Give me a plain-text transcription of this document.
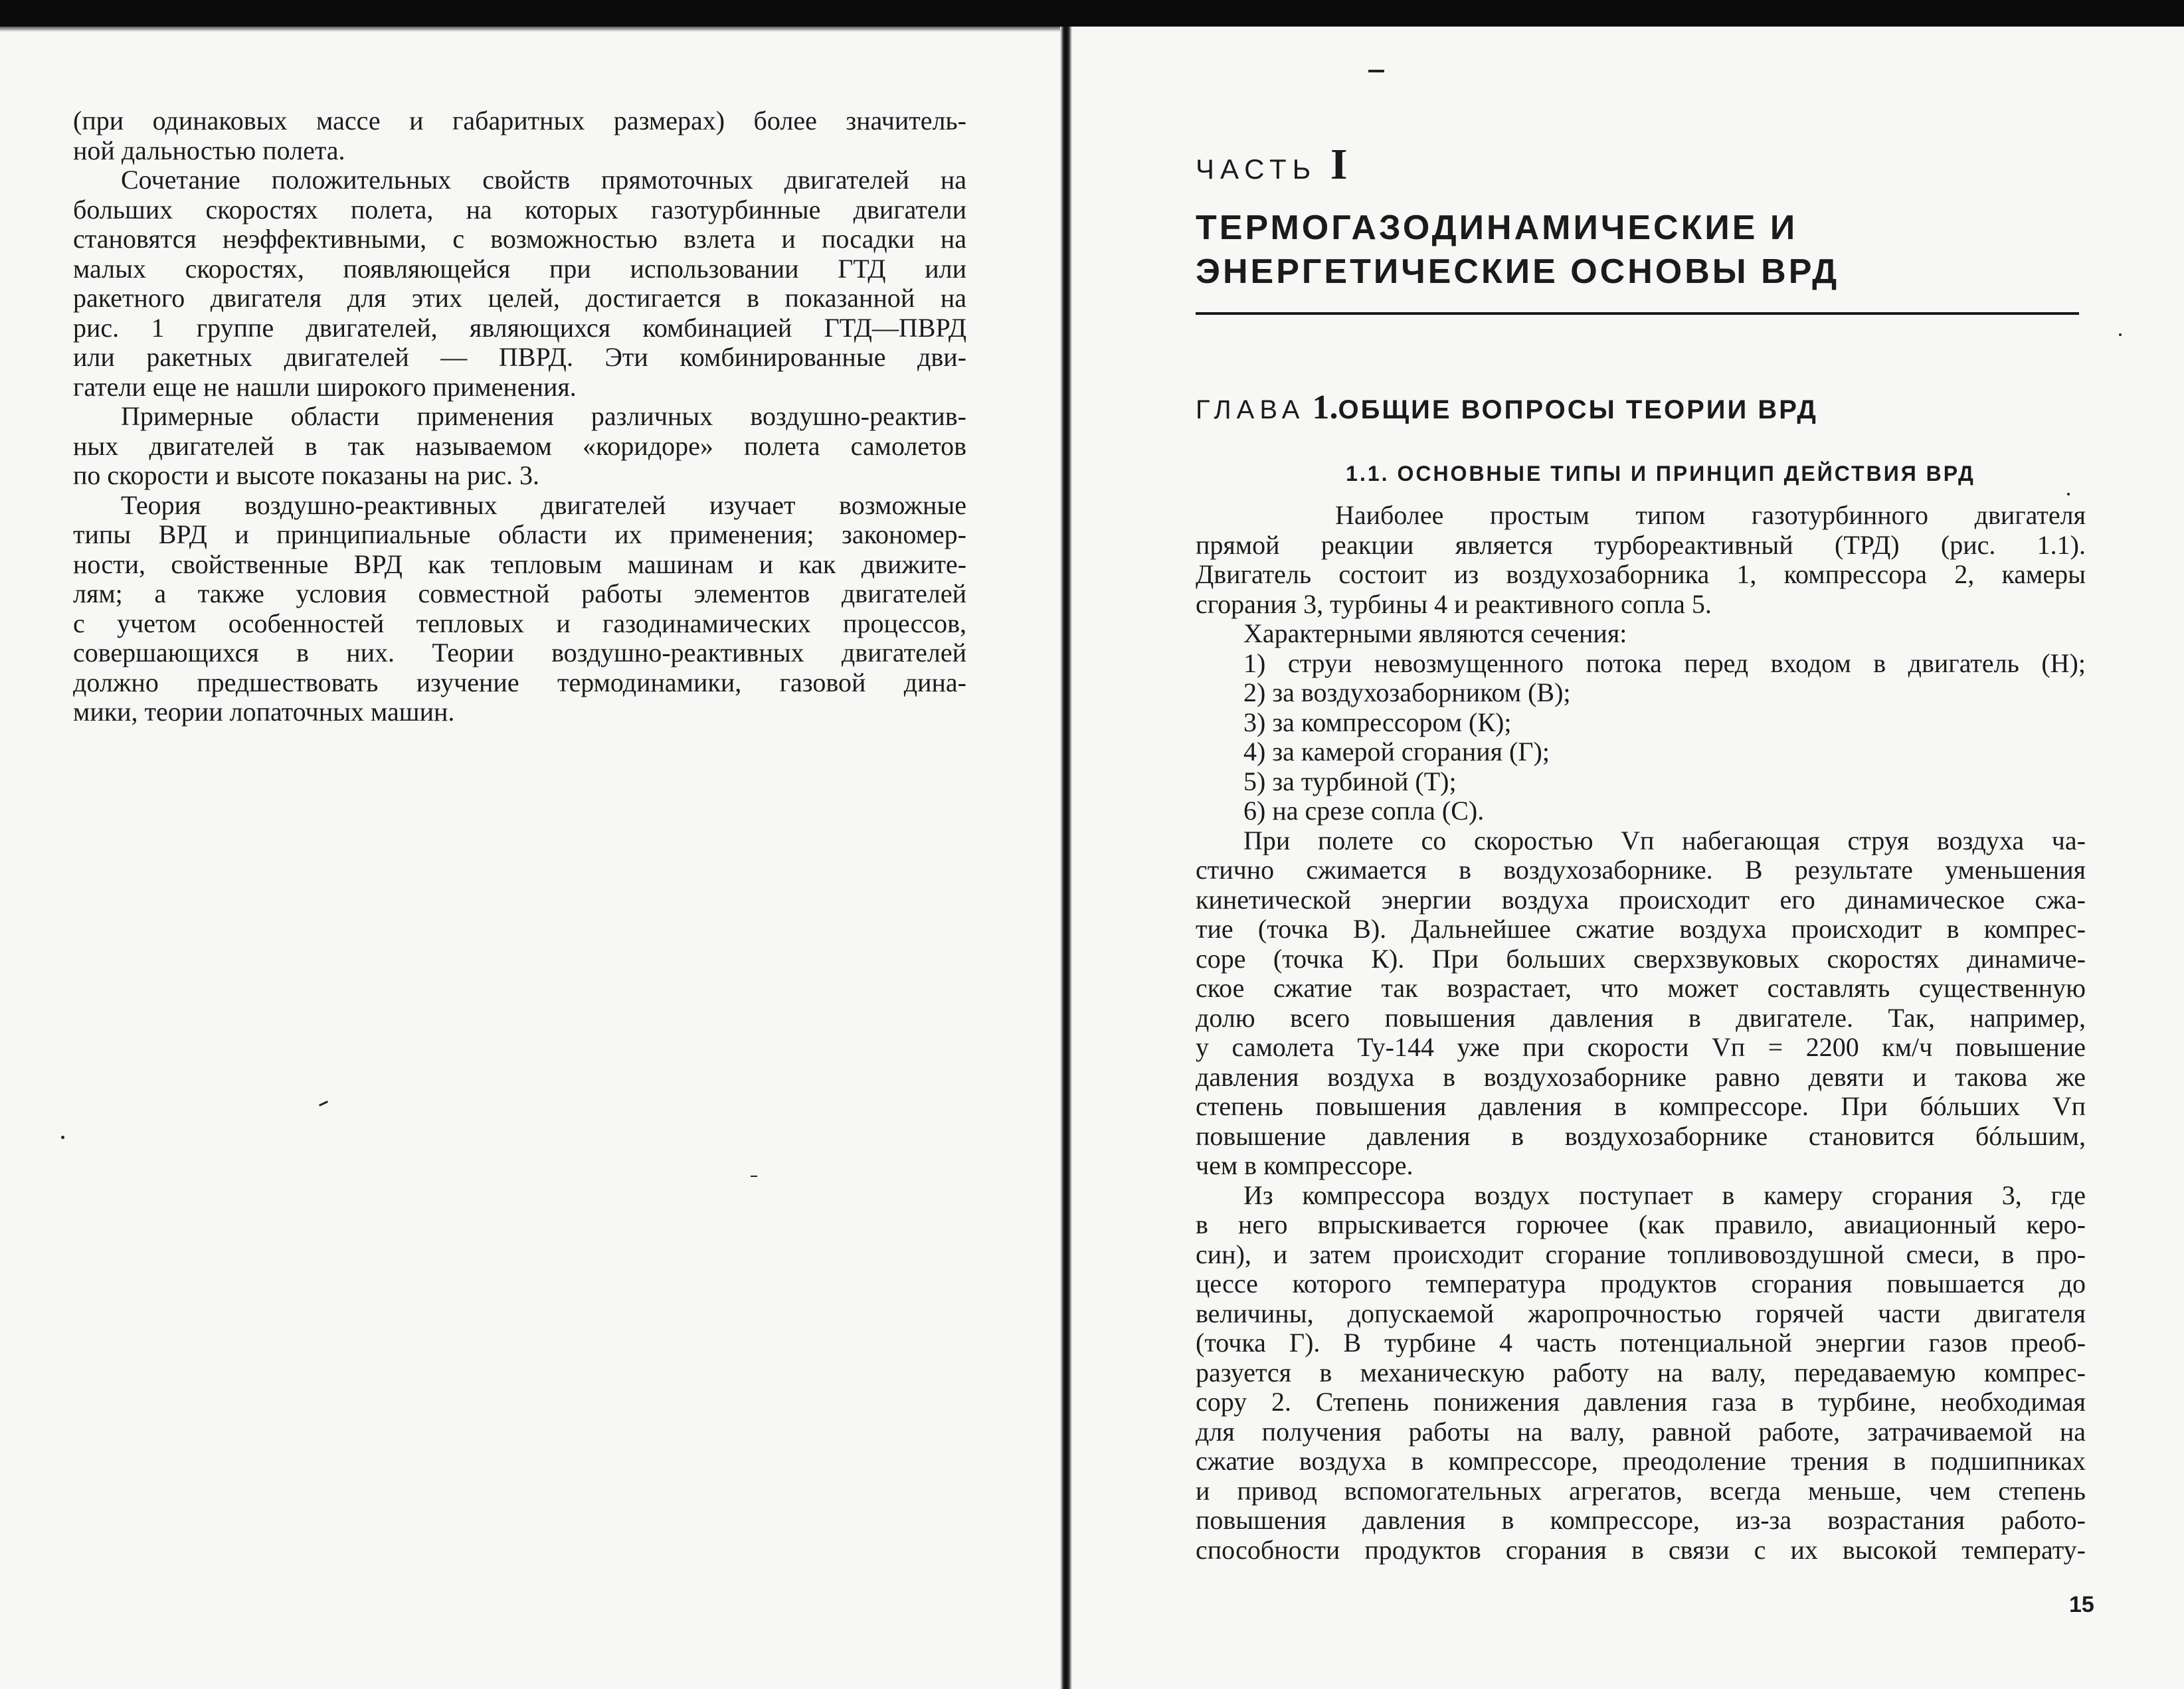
(при одинаковых массе и габаритных размерах) более значитель-
ной дальностью полета.
Сочетание положительных свойств прямоточных двигателей на
больших скоростях полета, на которых газотурбинные двигатели
становятся неэффективными, с возможностью взлета и посадки на
малых скоростях, появляющейся при использовании ГТД или
ракетного двигателя для этих целей, достигается в показанной на
рис. 1 группе двигателей, являющихся комбинацией ГТД—ПВРД
или ракетных двигателей — ПВРД. Эти комбинированные дви-
гатели еще не нашли широкого применения.
Примерные области применения различных воздушно-реактив-
ных двигателей в так называемом «коридоре» полета самолетов
по скорости и высоте показаны на рис. 3.
Теория воздушно-реактивных двигателей изучает возможные
типы ВРД и принципиальные области их применения; закономер-
ности, свойственные ВРД как тепловым машинам и как движите-
лям; а также условия совместной работы элементов двигателей
с учетом особенностей тепловых и газодинамических процессов,
совершающихся в них. Теории воздушно-реактивных двигателей
должно предшествовать изучение термодинамики, газовой дина-
мики, теории лопаточных машин.
ЧАСТЬ I
ТЕРМОГАЗОДИНАМИЧЕСКИЕ И
ЭНЕРГЕТИЧЕСКИЕ ОСНОВЫ ВРД
ГЛАВА 1.ОБЩИЕ ВОПРОСЫ ТЕОРИИ ВРД
1.1. ОСНОВНЫЕ ТИПЫ И ПРИНЦИП ДЕЙСТВИЯ ВРД
Наиболее простым типом газотурбинного двигателя
прямой реакции является турбореактивный (ТРД) (рис. 1.1).
Двигатель состоит из воздухозаборника 1, компрессора 2, камеры
сгорания 3, турбины 4 и реактивного сопла 5.
Характерными являются сечения:
1) струи невозмущенного потока перед входом в двигатель (Н);
2) за воздухозаборником (В);
3) за компрессором (К);
4) за камерой сгорания (Г);
5) за турбиной (Т);
6) на срезе сопла (С).
При полете со скоростью Vп набегающая струя воздуха ча-
стично сжимается в воздухозаборнике. В результате уменьшения
кинетической энергии воздуха происходит его динамическое сжа-
тие (точка В). Дальнейшее сжатие воздуха происходит в компрес-
соре (точка К). При больших сверхзвуковых скоростях динамиче-
ское сжатие так возрастает, что может составлять существенную
долю всего повышения давления в двигателе. Так, например,
у самолета Ту-144 уже при скорости Vп = 2200 км/ч повышение
давления воздуха в воздухозаборнике равно девяти и такова же
степень повышения давления в компрессоре. При бóльших Vп
повышение давления в воздухозаборнике становится бóльшим,
чем в компрессоре.
Из компрессора воздух поступает в камеру сгорания 3, где
в него впрыскивается горючее (как правило, авиационный керо-
син), и затем происходит сгорание топливовоздушной смеси, в про-
цессе которого температура продуктов сгорания повышается до
величины, допускаемой жаропрочностью горячей части двигателя
(точка Г). В турбине 4 часть потенциальной энергии газов преоб-
разуется в механическую работу на валу, передаваемую компрес-
сору 2. Степень понижения давления газа в турбине, необходимая
для получения работы на валу, равной работе, затрачиваемой на
сжатие воздуха в компрессоре, преодоление трения в подшипниках
и привод вспомогательных агрегатов, всегда меньше, чем степень
повышения давления в компрессоре, из-за возрастания работо-
способности продуктов сгорания в связи с их высокой температу-
15
